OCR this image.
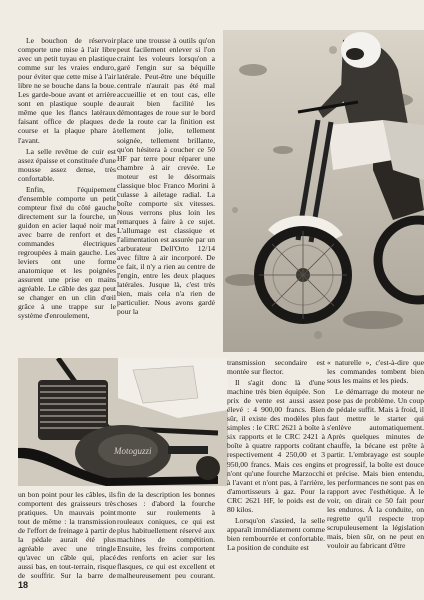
Le bouchon de réservoir comporte une mise à l'air libre avec un petit tuyau en plastique comme sur les vraies enduro, pour éviter que cette mise à l'air libre ne se bouche dans la boue. Les garde-boue avant et arrière sont en plastique souple de même que les flancs latéraux faisant office de plaques de course et la plaque phare à l'avant.

La selle revêtue de cuir est assez épaisse et constituée d'une mousse assez dense, très confortable.

Enfin, l'équipement d'ensemble comporte un petit compteur fixé du côté gauche directement sur la fourche, un guidon en acier laqué noir mat avec barre de renfort et des commandes électriques regroupées à main gauche. Les leviers ont une forme anatomique et les poignées assurent une prise en mains agréable. Le câble des gaz peut se changer en un clin d'œil grâce à une trappe sur le système d'enroulement,

place une trousse à outils qu'on peut facilement enlever si l'on craint les voleurs lorsqu'on a garé l'engin sur sa béquille latérale. Peut-être une béquille centrale n'aurait pas été mal accueillie et en tout cas, elle aurait bien facilité les démontages de roue sur le bord de la route car la finition est tellement jolie, tellement soignée, tellement brillante, qu'on hésitera à coucher ce 50 HF par terre pour réparer une chambre à air crevée. Le moteur est le désormais classique bloc Franco Morini à culasse à ailetage radial. La boîte comporte six vitesses. Nous verrons plus loin les remarques à faire à ce sujet. L'allumage est classique et l'alimentation est assurée par un carburateur Dell'Orto 12/14 avec filtre à air incorporé. De ce fait, il n'y a rien au centre de l'engin, entre les deux plaques latérales. Jusque là, c'est très bien, mais cela n'a rien de particulier. Nous avons gardé pour la

Motoguzzi

transmission secondaire est montée sur flector.

Il s'agit donc là d'une machine très bien équipée. Son prix de vente est aussi assez élevé : 4 900,00 francs. Bien sûr, il existe des modèles plus simples : le CRC 2621 à boîte à six rapports et le CRC 2421 à boîte à quatre rapports coûtant respectivement 4 250,00 et 3 950,00 francs. Mais ces engins n'ont qu'une fourche Marzocchi à l'avant et n'ont pas, à l'arrière, d'amortisseurs à gaz. Pour la CRC 2621 HF, le poids est de 80 kilos.

Lorsqu'on s'assied, la selle apparaît immédiatement comme bien rembourrée et confortable. La position de conduite est

« naturelle », c'est-à-dire que les commandes tombent bien sous les mains et les pieds.

Le démarrage du moteur ne pose pas de problème. Un coup de pédale suffit. Mais à froid, il faut mettre le starter qui s'enlève automatiquement. Après quelques minutes de chauffe, la bécane est prête à partir. L'embrayage est souple et progressif, la boîte est douce et précise. Mais bien entendu, les performances ne sont pas en rapport avec l'esthétique. À le voir, on dirait ce 50 fait pour les enduros. À la conduite, on regrette qu'il respecte trop scrupuleusement la législation mais, bien sûr, on ne peut en vouloir au fabricant d'être

un bon point pour les câbles, ils comportent des graisseurs très pratiques. Un mauvais point tout de même : la transmission de l'effort de freinage à partir de la pédale aurait été plus agréable avec une tringle qu'avec un câble qui, placé aussi bas, en tout-terrain, risque de souffrir. Sur la barre de

fin de la description les bonnes choses : d'abord la fourche monte sur roulements à rouleaux coniques, ce qui est plus habituellement réservé aux machines de compétition. Ensuite, les freins comportent des renforts en acier sur les flasques, ce qui est excellent et malheureusement peu courant.

18
